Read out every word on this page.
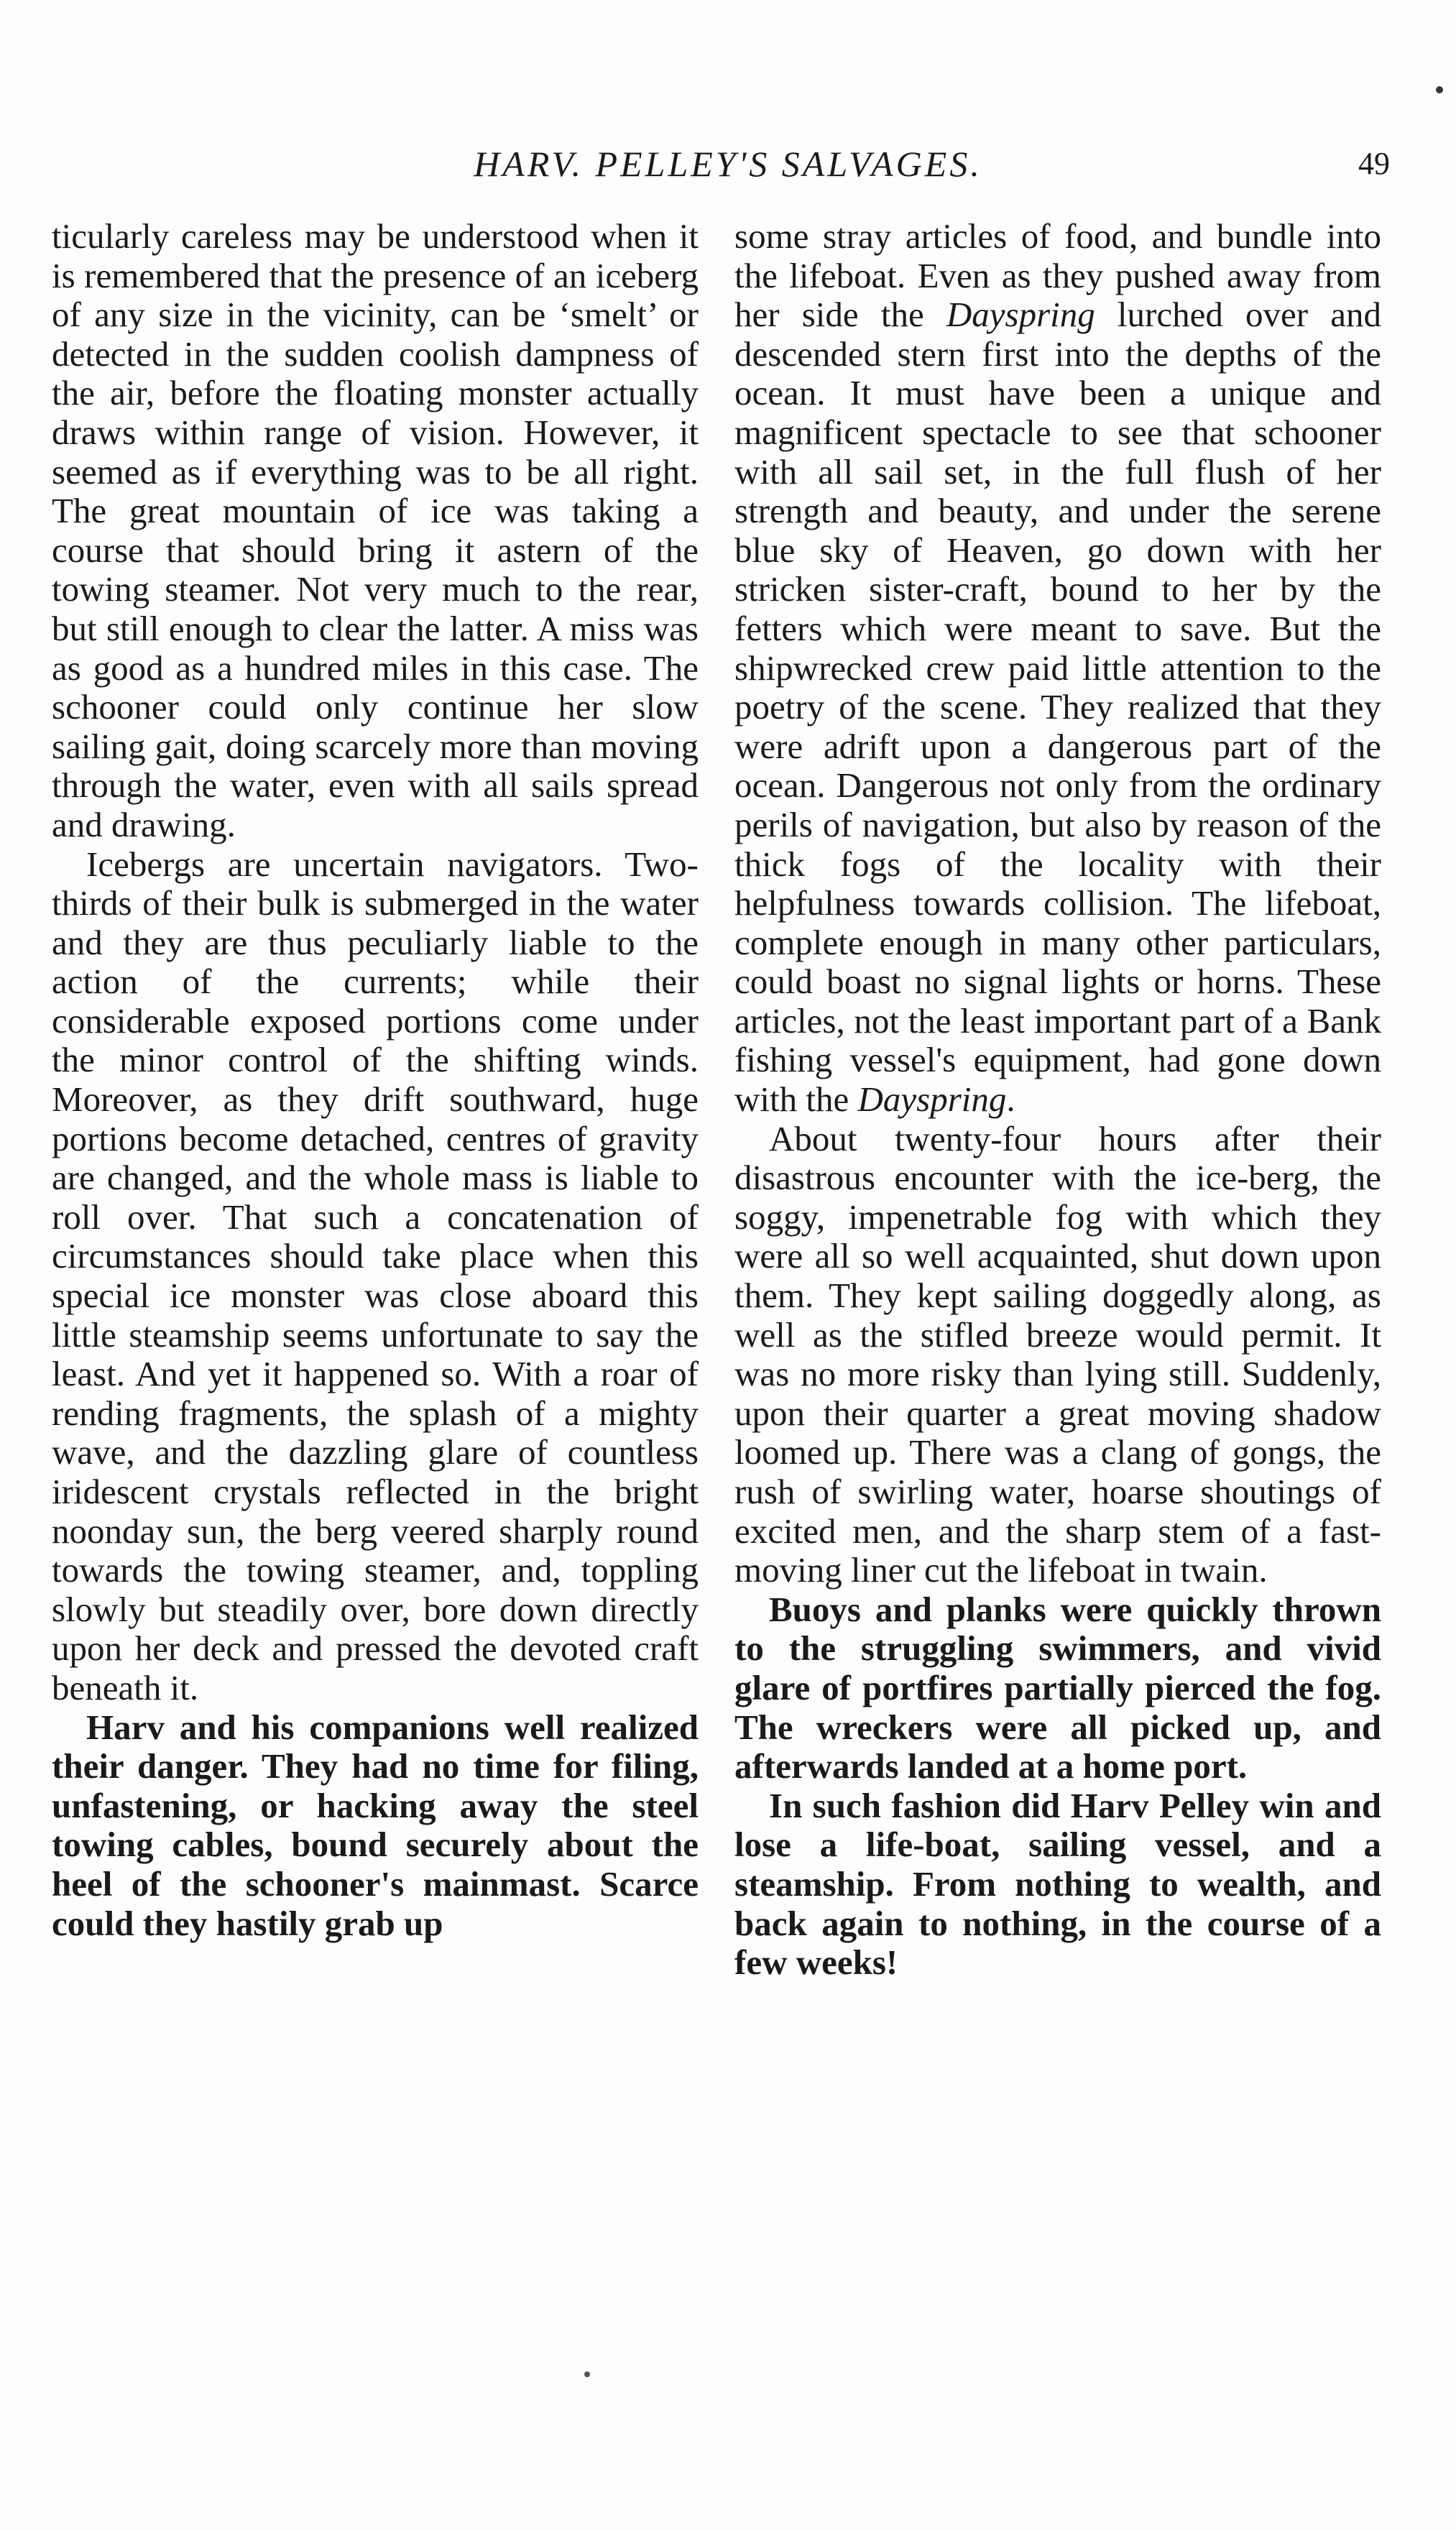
HARV. PELLEY'S SALVAGES.	49

ticularly careless may be understood when it is remembered that the presence of an iceberg of any size in the vicinity, can be ‘smelt’ or detected in the sudden coolish dampness of the air, before the floating monster actually draws within range of vision. However, it seemed as if everything was to be all right. The great mountain of ice was taking a course that should bring it astern of the towing steamer. Not very much to the rear, but still enough to clear the latter. A miss was as good as a hundred miles in this case. The schooner could only continue her slow sailing gait, doing scarcely more than moving through the water, even with all sails spread and drawing.

Icebergs are uncertain navigators. Two-thirds of their bulk is submerged in the water and they are thus peculiarly liable to the action of the currents; while their considerable exposed portions come under the minor control of the shifting winds. Moreover, as they drift southward, huge portions become detached, centres of gravity are changed, and the whole mass is liable to roll over. That such a concatenation of circumstances should take place when this special ice monster was close aboard this little steamship seems unfortunate to say the least. And yet it happened so. With a roar of rending fragments, the splash of a mighty wave, and the dazzling glare of countless iridescent crystals reflected in the bright noonday sun, the berg veered sharply round towards the towing steamer, and, toppling slowly but steadily over, bore down directly upon her deck and pressed the devoted craft beneath it.

Harv and his companions well realized their danger. They had no time for filing, unfastening, or hacking away the steel towing cables, bound securely about the heel of the schooner's mainmast. Scarce could they hastily grab up

some stray articles of food, and bundle into the lifeboat. Even as they pushed away from her side the Dayspring lurched over and descended stern first into the depths of the ocean. It must have been a unique and magnificent spectacle to see that schooner with all sail set, in the full flush of her strength and beauty, and under the serene blue sky of Heaven, go down with her stricken sister-craft, bound to her by the fetters which were meant to save. But the shipwrecked crew paid little attention to the poetry of the scene. They realized that they were adrift upon a dangerous part of the ocean. Dangerous not only from the ordinary perils of navigation, but also by reason of the thick fogs of the locality with their helpfulness towards collision. The lifeboat, complete enough in many other particulars, could boast no signal lights or horns. These articles, not the least important part of a Bank fishing vessel's equipment, had gone down with the Dayspring.

About twenty-four hours after their disastrous encounter with the ice-berg, the soggy, impenetrable fog with which they were all so well acquainted, shut down upon them. They kept sailing doggedly along, as well as the stifled breeze would permit. It was no more risky than lying still. Suddenly, upon their quarter a great moving shadow loomed up. There was a clang of gongs, the rush of swirling water, hoarse shoutings of excited men, and the sharp stem of a fast-moving liner cut the lifeboat in twain.

Buoys and planks were quickly thrown to the struggling swimmers, and vivid glare of portfires partially pierced the fog. The wreckers were all picked up, and afterwards landed at a home port.

In such fashion did Harv Pelley win and lose a life-boat, sailing vessel, and a steamship. From nothing to wealth, and back again to nothing, in the course of a few weeks!
